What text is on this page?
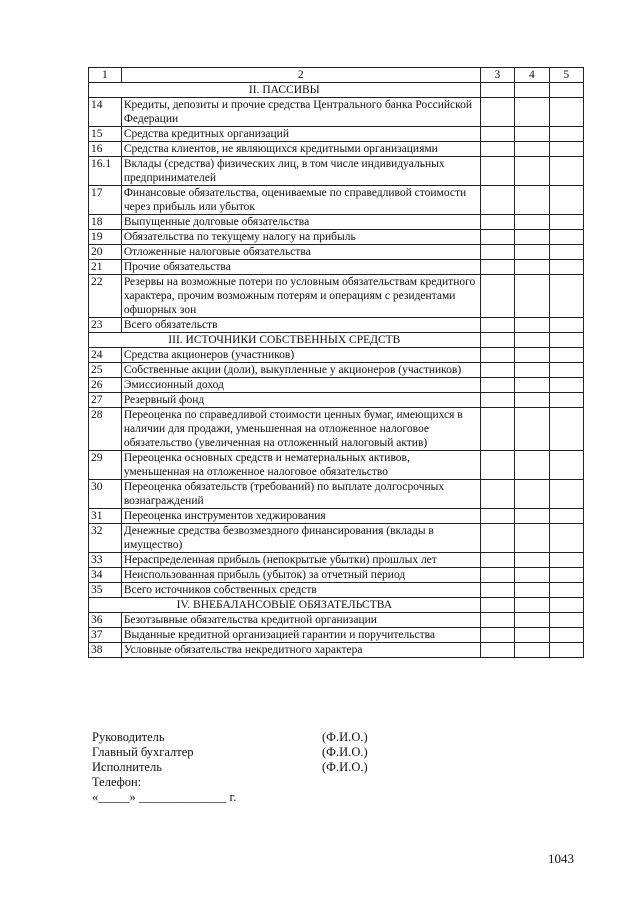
1	2	3	4	5
II. ПАССИВЫ				
14	Кредиты, депозиты и прочие средства Центрального банка Российской Федерации			
15	Средства кредитных организаций			
16	Средства клиентов, не являющихся кредитными организациями			
16.1	Вклады (средства) физических лиц, в том числе индивидуальных предпринимателей			
17	Финансовые обязательства, оцениваемые по справедливой стоимости через прибыль или убыток			
18	Выпущенные долговые обязательства			
19	Обязательства по текущему налогу на прибыль			
20	Отложенные налоговые обязательства			
21	Прочие обязательства			
22	Резервы на возможные потери по условным обязательствам кредитного характера, прочим возможным потерям и операциям с резидентами офшорных зон			
23	Всего обязательств			
III. ИСТОЧНИКИ СОБСТВЕННЫХ СРЕДСТВ				
24	Средства акционеров (участников)			
25	Собственные акции (доли), выкупленные у акционеров (участников)			
26	Эмиссионный доход			
27	Резервный фонд			
28	Переоценка по справедливой стоимости ценных бумаг, имеющихся в наличии для продажи, уменьшенная на отложенное налоговое обязательство (увеличенная на отложенный налоговый актив)			
29	Переоценка основных средств и нематериальных активов, уменьшенная на отложенное налоговое обязательство			
30	Переоценка обязательств (требований) по выплате долгосрочных вознаграждений			
31	Переоценка инструментов хеджирования			
32	Денежные средства безвозмездного финансирования (вклады в имущество)			
33	Нераспределенная прибыль (непокрытые убытки) прошлых лет			
34	Неиспользованная прибыль (убыток) за отчетный период			
35	Всего источников собственных средств			
IV. ВНЕБАЛАНСОВЫЕ ОБЯЗАТЕЛЬСТВА				
36	Безотзывные обязательства кредитной организации			
37	Выданные кредитной организацией гарантии и поручительства			
38	Условные обязательства некредитного характера			
Руководитель	(Ф.И.О.)
Главный бухгалтер	(Ф.И.О.)
Исполнитель	(Ф.И.О.)
Телефон:
«_____» ______________ г.
1043
